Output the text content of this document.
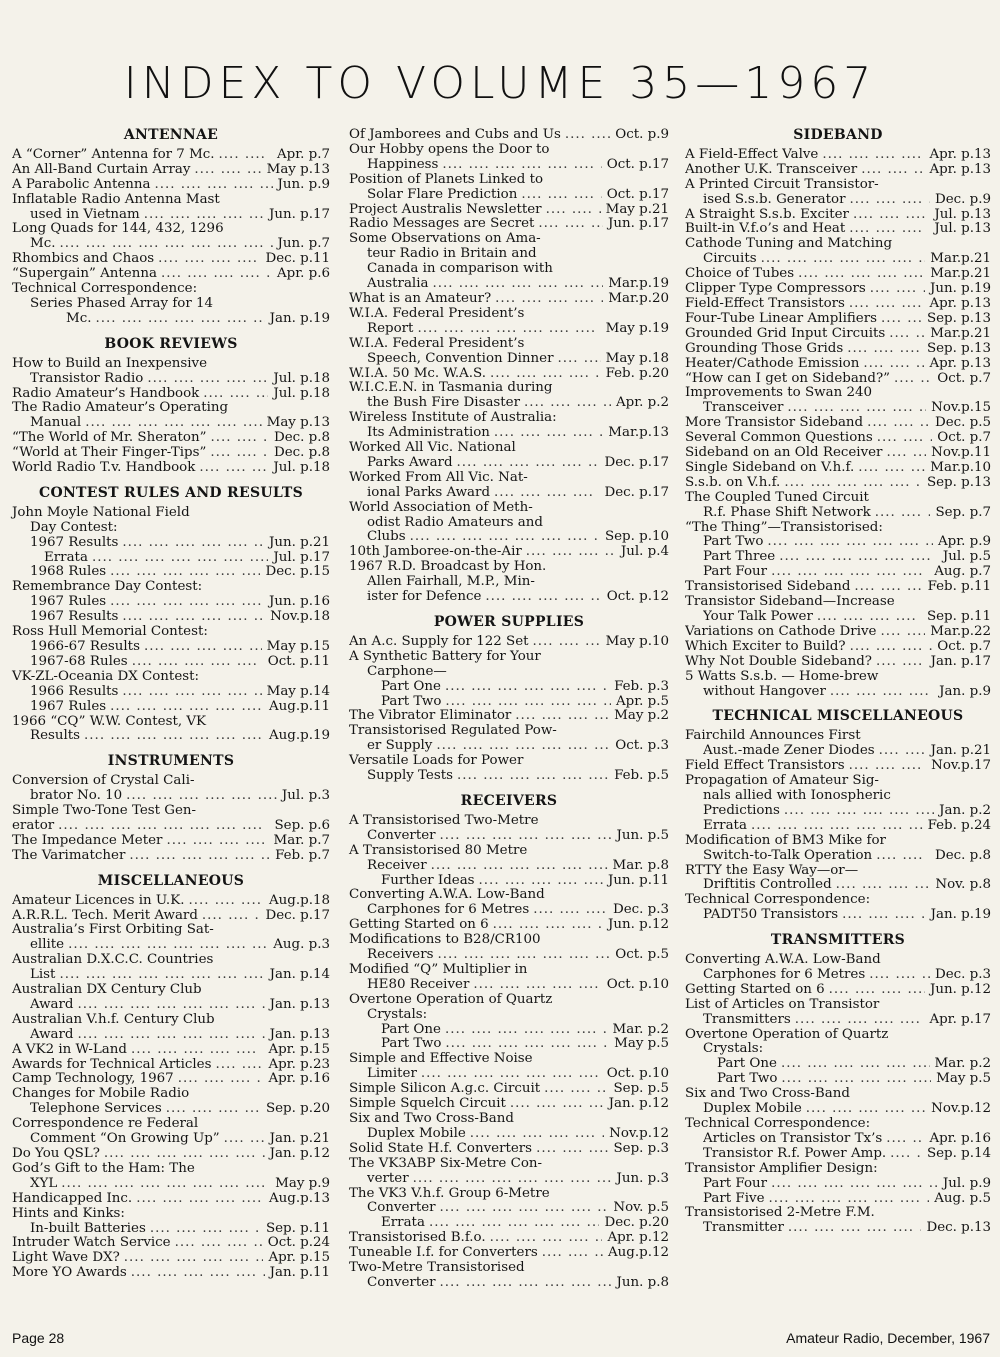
INDEX TO VOLUME 35—1967
ANTENNAE
A “Corner” Antenna for 7 Mc. ....	Apr. p.7
An All-Band Curtain Array ....	May p.13
A Parabolic Antenna ....	Jun. p.9
Inflatable Radio Antenna Mast
used in Vietnam ....	Jun. p.17
Long Quads for 144, 432, 1296
Mc. ....	Jun. p.7
Rhombics and Chaos ....	Dec. p.11
“Supergain” Antenna ....	Apr. p.6
Technical Correspondence:
Series Phased Array for 14
Mc. ....	Jan. p.19
BOOK REVIEWS
How to Build an Inexpensive
Transistor Radio ....	Jul. p.18
Radio Amateur’s Handbook ....	Jul. p.18
The Radio Amateur’s Operating
Manual ....	May p.13
“The World of Mr. Sheraton” ....	Dec. p.8
“World at Their Finger-Tips” ....	Dec. p.8
World Radio T.v. Handbook ....	Jul. p.18
CONTEST RULES AND RESULTS
John Moyle National Field
Day Contest:
1967 Results ....	Jun. p.21
Errata ....	Jul. p.17
1968 Rules ....	Dec. p.15
Remembrance Day Contest:
1967 Rules ....	Jun. p.16
1967 Results ....	Nov.p.18
Ross Hull Memorial Contest:
1966-67 Results ....	May p.15
1967-68 Rules ....	Oct. p.11
VK-ZL-Oceania DX Contest:
1966 Results ....	May p.14
1967 Rules ....	Aug.p.11
1966 “CQ” W.W. Contest, VK
Results ....	Aug.p.19
INSTRUMENTS
Conversion of Crystal Cali-
brator No. 10 ....	Jul. p.3
Simple Two-Tone Test Gen-
erator ....	Sep. p.6
The Impedance Meter ....	Mar. p.7
The Varimatcher ....	Feb. p.7
MISCELLANEOUS
Amateur Licences in U.K. ....	Aug.p.18
A.R.R.L. Tech. Merit Award ....	Dec. p.17
Australia’s First Orbiting Sat-
ellite ....	Aug. p.3
Australian D.X.C.C. Countries
List ....	Jan. p.14
Australian DX Century Club
Award ....	Jan. p.13
Australian V.h.f. Century Club
Award ....	Jan. p.13
A VK2 in W-Land ....	Apr. p.15
Awards for Technical Articles ....	Apr. p.23
Camp Technology, 1967 ....	Apr. p.16
Changes for Mobile Radio
Telephone Services ....	Sep. p.20
Correspondence re Federal
Comment “On Growing Up” ....	Jan. p.21
Do You QSL? ....	Jan. p.12
God’s Gift to the Ham: The
XYL ....	May p.9
Handicapped Inc. ....	Aug.p.13
Hints and Kinks:
In-built Batteries ....	Sep. p.11
Intruder Watch Service ....	Oct. p.24
Light Wave DX? ....	Apr. p.15
More YO Awards ....	Jan. p.11
Of Jamborees and Cubs and Us ....	Oct. p.9
Our Hobby opens the Door to
Happiness ....	Oct. p.17
Position of Planets Linked to
Solar Flare Prediction ....	Oct. p.17
Project Australis Newsletter ....	May p.21
Radio Messages are Secret ....	Jun. p.17
Some Observations on Ama-
teur Radio in Britain and
Canada in comparison with
Australia ....	Mar.p.19
What is an Amateur? ....	Mar.p.20
W.I.A. Federal President’s
Report ....	May p.19
W.I.A. Federal President’s
Speech, Convention Dinner ....	May p.18
W.I.A. 50 Mc. W.A.S. ....	Feb. p.20
W.I.C.E.N. in Tasmania during
the Bush Fire Disaster ....	Apr. p.2
Wireless Institute of Australia:
Its Administration ....	Mar.p.13
Worked All Vic. National
Parks Award ....	Dec. p.17
Worked From All Vic. Nat-
ional Parks Award ....	Dec. p.17
World Association of Meth-
odist Radio Amateurs and
Clubs ....	Sep. p.10
10th Jamboree-on-the-Air ....	Jul. p.4
1967 R.D. Broadcast by Hon.
Allen Fairhall, M.P., Min-
ister for Defence ....	Oct. p.12
POWER SUPPLIES
An A.c. Supply for 122 Set ....	May p.10
A Synthetic Battery for Your
Carphone—
Part One ....	Feb. p.3
Part Two ....	Apr. p.5
The Vibrator Eliminator ....	May p.2
Transistorised Regulated Pow-
er Supply ....	Oct. p.3
Versatile Loads for Power
Supply Tests ....	Feb. p.5
RECEIVERS
A Transistorised Two-Metre
Converter ....	Jun. p.5
A Transistorised 80 Metre
Receiver ....	Mar. p.8
Further Ideas ....	Jun. p.11
Converting A.W.A. Low-Band
Carphones for 6 Metres ....	Dec. p.3
Getting Started on 6 ....	Jun. p.12
Modifications to B28/CR100
Receivers ....	Oct. p.5
Modified “Q” Multiplier in
HE80 Receiver ....	Oct. p.10
Overtone Operation of Quartz
Crystals:
Part One ....	Mar. p.2
Part Two ....	May p.5
Simple and Effective Noise
Limiter ....	Oct. p.10
Simple Silicon A.g.c. Circuit ....	Sep. p.5
Simple Squelch Circuit ....	Jan. p.12
Six and Two Cross-Band
Duplex Mobile ....	Nov.p.12
Solid State H.f. Converters ....	Sep. p.3
The VK3ABP Six-Metre Con-
verter ....	Jun. p.3
The VK3 V.h.f. Group 6-Metre
Converter ....	Nov. p.5
Errata ....	Dec. p.20
Transistorised B.f.o. ....	Apr. p.12
Tuneable I.f. for Converters ....	Aug.p.12
Two-Metre Transistorised
Converter ....	Jun. p.8
SIDEBAND
A Field-Effect Valve ....	Apr. p.13
Another U.K. Transceiver ....	Apr. p.13
A Printed Circuit Transistor-
ised S.s.b. Generator ....	Dec. p.9
A Straight S.s.b. Exciter ....	Jul. p.13
Built-in V.f.o’s and Heat ....	Jul. p.13
Cathode Tuning and Matching
Circuits ....	Mar.p.21
Choice of Tubes ....	Mar.p.21
Clipper Type Compressors ....	Jun. p.19
Field-Effect Transistors ....	Apr. p.13
Four-Tube Linear Amplifiers ....	Sep. p.13
Grounded Grid Input Circuits ....	Mar.p.21
Grounding Those Grids ....	Sep. p.13
Heater/Cathode Emission ....	Apr. p.13
“How can I get on Sideband?” ....	Oct. p.7
Improvements to Swan 240
Transceiver ....	Nov.p.15
More Transistor Sideband ....	Dec. p.5
Several Common Questions ....	Oct. p.7
Sideband on an Old Receiver ....	Nov.p.11
Single Sideband on V.h.f. ....	Mar.p.10
S.s.b. on V.h.f. ....	Sep. p.13
The Coupled Tuned Circuit
R.f. Phase Shift Network ....	Sep. p.7
“The Thing”—Transistorised:
Part Two ....	Apr. p.9
Part Three ....	Jul. p.5
Part Four ....	Aug. p.7
Transistorised Sideband ....	Feb. p.11
Transistor Sideband—Increase
Your Talk Power ....	Sep. p.11
Variations on Cathode Drive ....	Mar.p.22
Which Exciter to Build? ....	Oct. p.7
Why Not Double Sideband? ....	Jan. p.17
5 Watts S.s.b. — Home-brew
without Hangover ....	Jan. p.9
TECHNICAL MISCELLANEOUS
Fairchild Announces First
Aust.-made Zener Diodes ....	Jan. p.21
Field Effect Transistors ....	Nov.p.17
Propagation of Amateur Sig-
nals allied with Ionospheric
Predictions ....	Jan. p.2
Errata ....	Feb. p.24
Modification of BM3 Mike for
Switch-to-Talk Operation ....	Dec. p.8
RTTY the Easy Way—or—
Driftitis Controlled ....	Nov. p.8
Technical Correspondence:
PADT50 Transistors ....	Jan. p.19
TRANSMITTERS
Converting A.W.A. Low-Band
Carphones for 6 Metres ....	Dec. p.3
Getting Started on 6 ....	Jun. p.12
List of Articles on Transistor
Transmitters ....	Apr. p.17
Overtone Operation of Quartz
Crystals:
Part One ....	Mar. p.2
Part Two ....	May p.5
Six and Two Cross-Band
Duplex Mobile ....	Nov.p.12
Technical Correspondence:
Articles on Transistor Tx’s ....	Apr. p.16
Transistor R.f. Power Amp. ....	Sep. p.14
Transistor Amplifier Design:
Part Four ....	Jul. p.9
Part Five ....	Aug. p.5
Transistorised 2-Metre F.M.
Transmitter ....	Dec. p.13
Page 28	Amateur Radio, December, 1967
